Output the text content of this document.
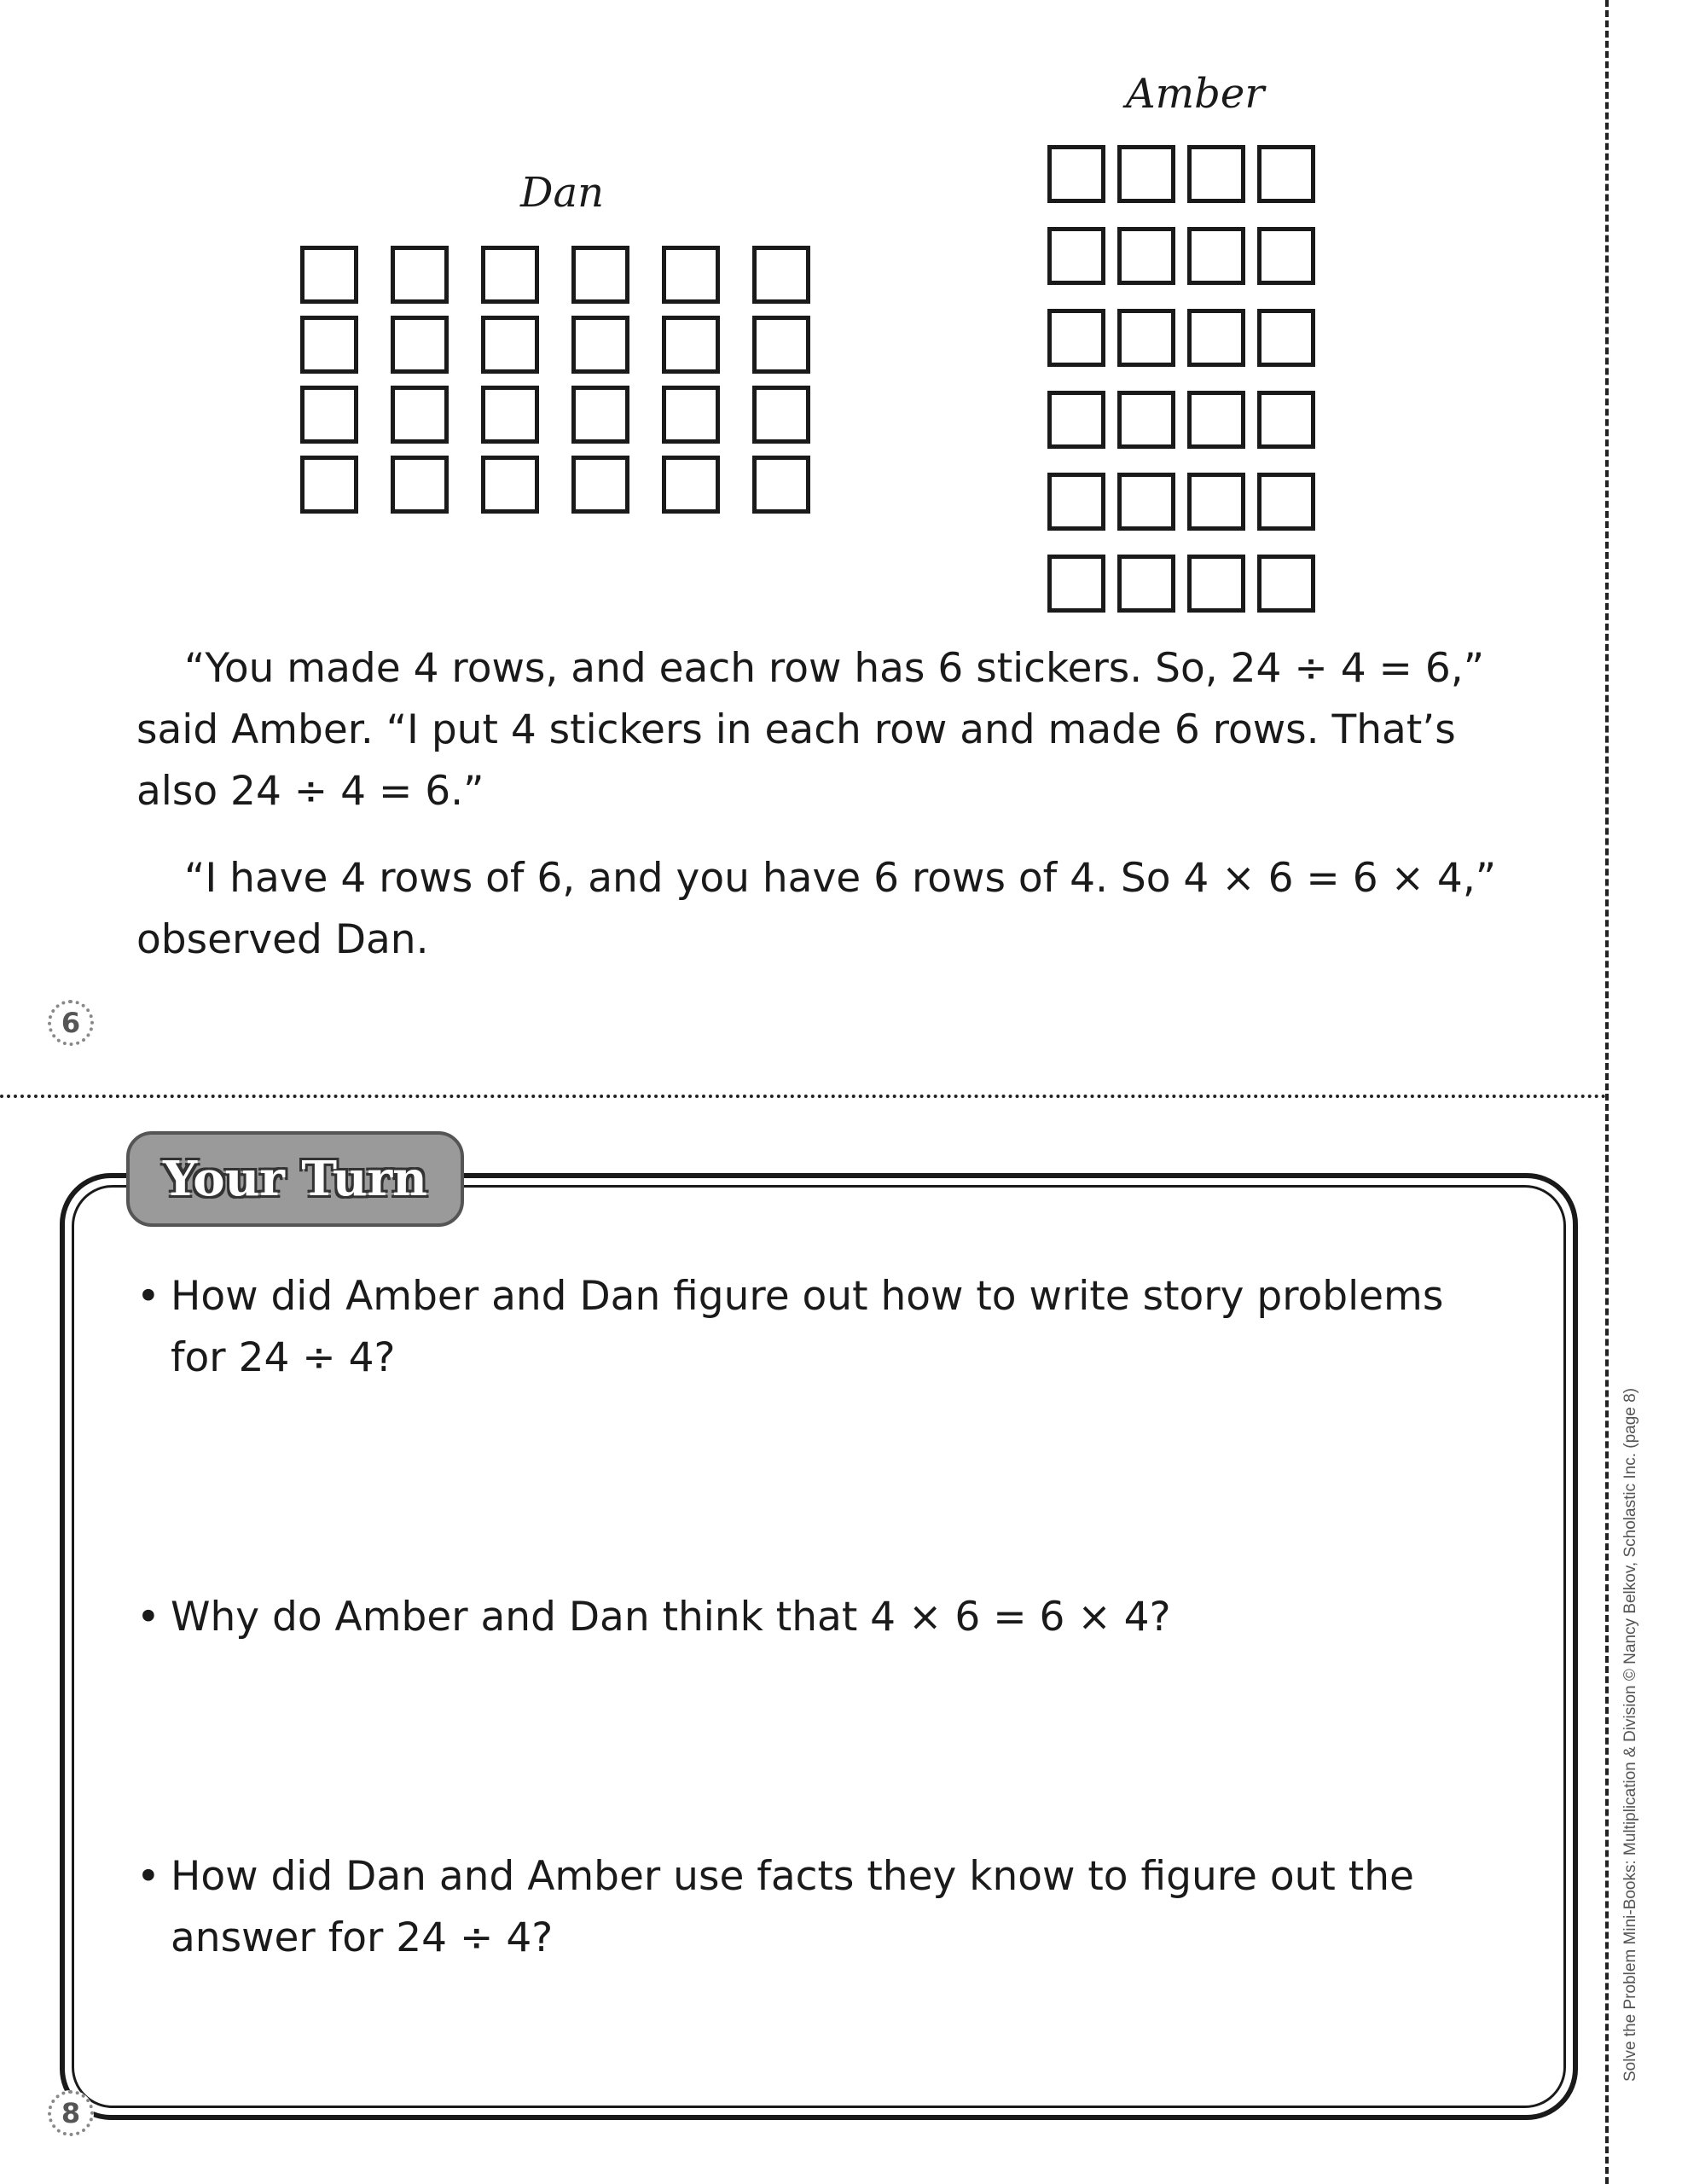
Dan
Amber

“You made 4 rows, and each row has 6 stickers. So, 24 ÷ 4 = 6,”

said Amber. “I put 4 stickers in each row and made 6 rows. That’s

also 24 ÷ 4 = 6.”

“I have 4 rows of 6, and you have 6 rows of 4. So 4 × 6 = 6 × 4,”

observed Dan.

6
Your Turn
• How did Amber and Dan figure out how to write story problems
for 24 ÷ 4?
• Why do Amber and Dan think that 4 × 6 = 6 × 4?
• How did Dan and Amber use facts they know to figure out the
answer for 24 ÷ 4?
8
Solve the Problem Mini-Books: Multiplication & Division © Nancy Belkov, Scholastic Inc. (page 8)
